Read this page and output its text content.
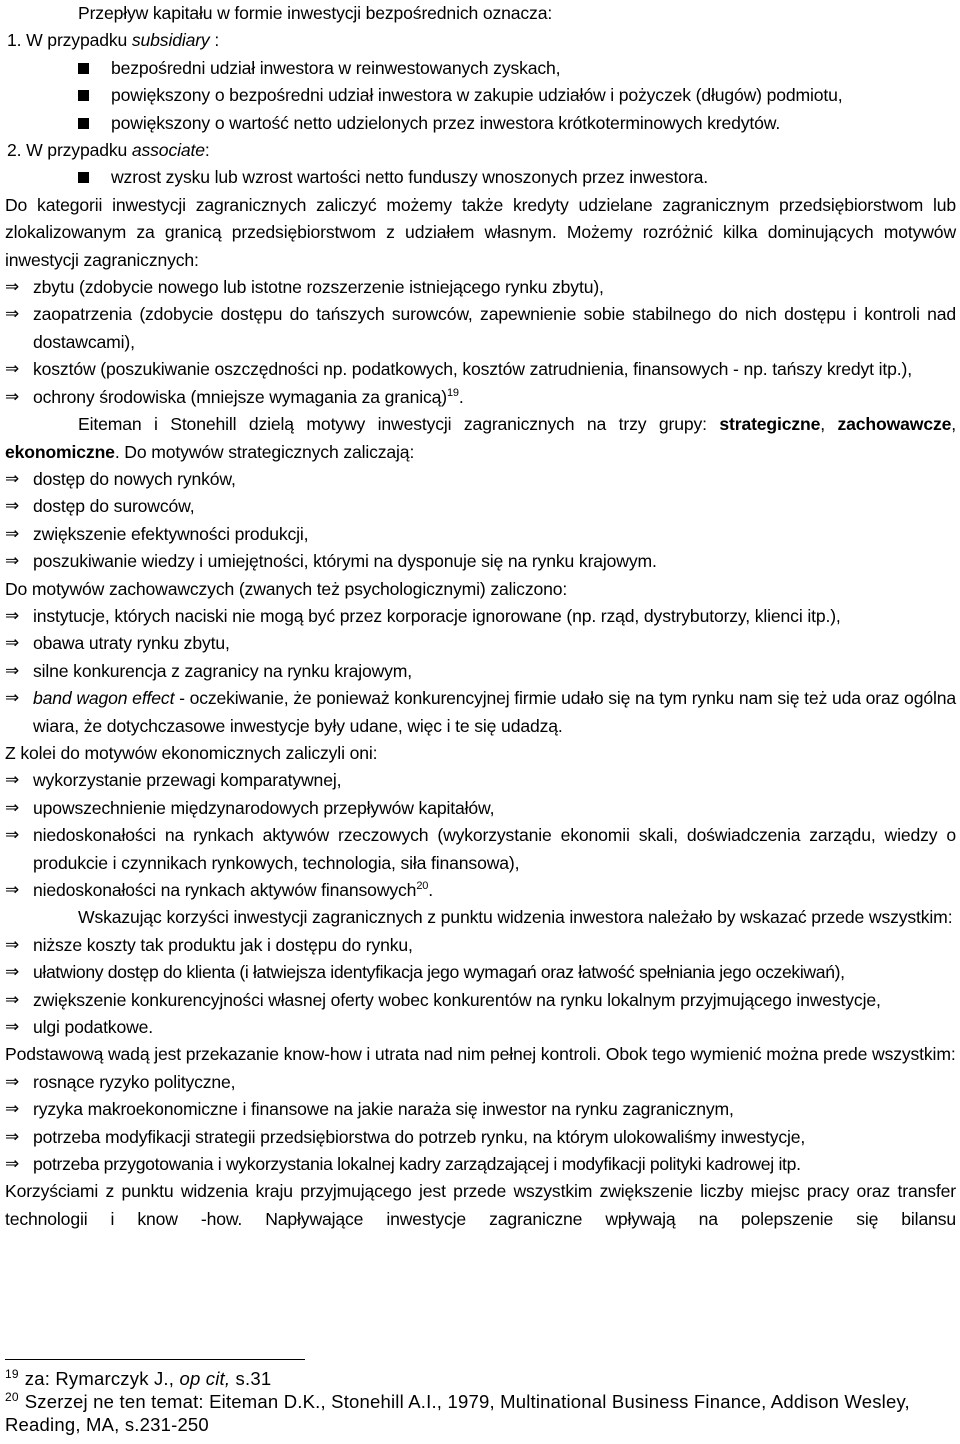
Przepływ kapitału w formie inwestycji bezpośrednich oznacza:
1. W przypadku subsidiary :
bezpośredni udział inwestora w reinwestowanych zyskach,
powiększony o bezpośredni udział inwestora w zakupie udziałów i pożyczek (długów) podmiotu,
powiększony o wartość netto udzielonych przez inwestora krótkoterminowych kredytów.
2. W przypadku associate:
wzrost zysku lub wzrost wartości netto funduszy wnoszonych przez inwestora.
Do kategorii inwestycji zagranicznych zaliczyć możemy także kredyty udzielane zagranicznym przedsiębiorstwom lub zlokalizowanym za granicą przedsiębiorstwom z udziałem własnym. Możemy rozróżnić kilka dominujących motywów inwestycji zagranicznych:
⇒ zbytu (zdobycie nowego lub istotne rozszerzenie istniejącego rynku zbytu),
⇒ zaopatrzenia (zdobycie dostępu do tańszych surowców, zapewnienie sobie stabilnego do nich dostępu i kontroli nad dostawcami),
⇒ kosztów (poszukiwanie oszczędności np. podatkowych, kosztów zatrudnienia, finansowych - np. tańszy kredyt itp.),
⇒ ochrony środowiska (mniejsze wymagania za granicą)$^{19}$.
Eiteman i Stonehill dzielą motywy inwestycji zagranicznych na trzy grupy: strategiczne, zachowawcze, ekonomiczne. Do motywów strategicznych zaliczają:
⇒ dostęp do nowych rynków,
⇒ dostęp do surowców,
⇒ zwiększenie efektywności produkcji,
⇒ poszukiwanie wiedzy i umiejętności, którymi na dysponuje się na rynku krajowym.
Do motywów zachowawczych (zwanych też psychologicznymi) zaliczono:
⇒ instytucje, których naciski nie mogą być przez korporacje ignorowane (np. rząd, dystrybutorzy, klienci itp.),
⇒ obawa utraty rynku zbytu,
⇒ silne konkurencja z zagranicy na rynku krajowym,
⇒ band wagon effect - oczekiwanie, że ponieważ konkurencyjnej firmie udało się na tym rynku nam się też uda oraz ogólna wiara, że dotychczasowe inwestycje były udane, więc i te się udadzą.
Z kolei do motywów ekonomicznych zaliczyli oni:
⇒ wykorzystanie przewagi komparatywnej,
⇒ upowszechnienie międzynarodowych przepływów kapitałów,
⇒ niedoskonałości na rynkach aktywów rzeczowych (wykorzystanie ekonomii skali, doświadczenia zarządu, wiedzy o produkcie i czynnikach rynkowych, technologia, siła finansowa),
⇒ niedoskonałości na rynkach aktywów finansowych$^{20}$.
Wskazując korzyści inwestycji zagranicznych z punktu widzenia inwestora należało by wskazać przede wszystkim:
⇒ niższe koszty tak produktu jak i dostępu do rynku,
⇒ ułatwiony dostęp do klienta (i łatwiejsza identyfikacja jego wymagań oraz łatwość spełniania jego oczekiwań),
⇒ zwiększenie konkurencyjności własnej oferty wobec konkurentów na rynku lokalnym przyjmującego inwestycje,
⇒ ulgi podatkowe.
Podstawową wadą jest przekazanie know-how i utrata nad nim pełnej kontroli. Obok tego wymienić można prede wszystkim:
⇒ rosnące ryzyko polityczne,
⇒ ryzyka makroekonomiczne i finansowe na jakie naraża się inwestor na rynku zagranicznym,
⇒ potrzeba modyfikacji strategii przedsiębiorstwa do potrzeb rynku, na którym ulokowaliśmy inwestycje,
⇒ potrzeba przygotowania i wykorzystania lokalnej kadry zarządzającej i modyfikacji polityki kadrowej itp.
Korzyściami z punktu widzenia kraju przyjmującego jest przede wszystkim zwiększenie liczby miejsc pracy oraz transfer technologii i know -how. Napływające inwestycje zagraniczne wpływają na polepszenie się bilansu
$^{19}$ za: Rymarczyk J., op cit, s.31
$^{20}$ Szerzej ne ten temat: Eiteman D.K., Stonehill A.I., 1979, Multinational Business Finance, Addison Wesley, Reading, MA, s.231-250
